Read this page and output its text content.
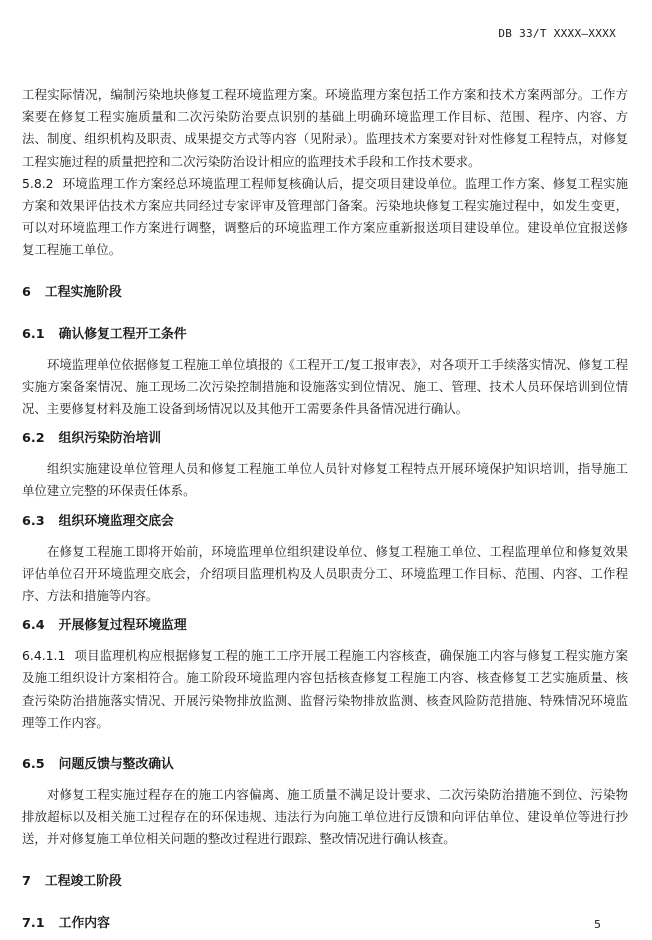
DB 33/T XXXX—XXXX

工程实际情况，编制污染地块修复工程环境监理方案。环境监理方案包括工作方案和技术方案两部分。工作方案要在修复工程实施质量和二次污染防治要点识别的基础上明确环境监理工作目标、范围、程序、内容、方法、制度、组织机构及职责、成果提交方式等内容（见附录）。监理技术方案要对针对性修复工程特点，对修复工程实施过程的质量把控和二次污染防治设计相应的监理技术手段和工作技术要求。

5.8.2 环境监理工作方案经总环境监理工程师复核确认后，提交项目建设单位。监理工作方案、修复工程实施方案和效果评估技术方案应共同经过专家评审及管理部门备案。污染地块修复工程实施过程中，如发生变更，可以对环境监理工作方案进行调整，调整后的环境监理工作方案应重新报送项目建设单位。建设单位宜报送修复工程施工单位。

6 工程实施阶段
6.1 确认修复工程开工条件

环境监理单位依据修复工程施工单位填报的《工程开工/复工报审表》，对各项开工手续落实情况、修复工程实施方案备案情况、施工现场二次污染控制措施和设施落实到位情况、施工、管理、技术人员环保培训到位情况、主要修复材料及施工设备到场情况以及其他开工需要条件具备情况进行确认。

6.2 组织污染防治培训

组织实施建设单位管理人员和修复工程施工单位人员针对修复工程特点开展环境保护知识培训，指导施工单位建立完整的环保责任体系。

6.3 组织环境监理交底会

在修复工程施工即将开始前，环境监理单位组织建设单位、修复工程施工单位、工程监理单位和修复效果评估单位召开环境监理交底会，介绍项目监理机构及人员职责分工、环境监理工作目标、范围、内容、工作程序、方法和措施等内容。

6.4 开展修复过程环境监理

6.4.1.1 项目监理机构应根据修复工程的施工工序开展工程施工内容核查，确保施工内容与修复工程实施方案及施工组织设计方案相符合。施工阶段环境监理内容包括核查修复工程施工内容、核查修复工艺实施质量、核查污染防治措施落实情况、开展污染物排放监测、监督污染物排放监测、核查风险防范措施、特殊情况环境监理等工作内容。

6.5 问题反馈与整改确认

对修复工程实施过程存在的施工内容偏离、施工质量不满足设计要求、二次污染防治措施不到位、污染物排放超标以及相关施工过程存在的环保违规、违法行为向施工单位进行反馈和向评估单位、建设单位等进行抄送，并对修复施工单位相关问题的整改过程进行跟踪、整改情况进行确认核查。

7 工程竣工阶段
7.1 工作内容	5
